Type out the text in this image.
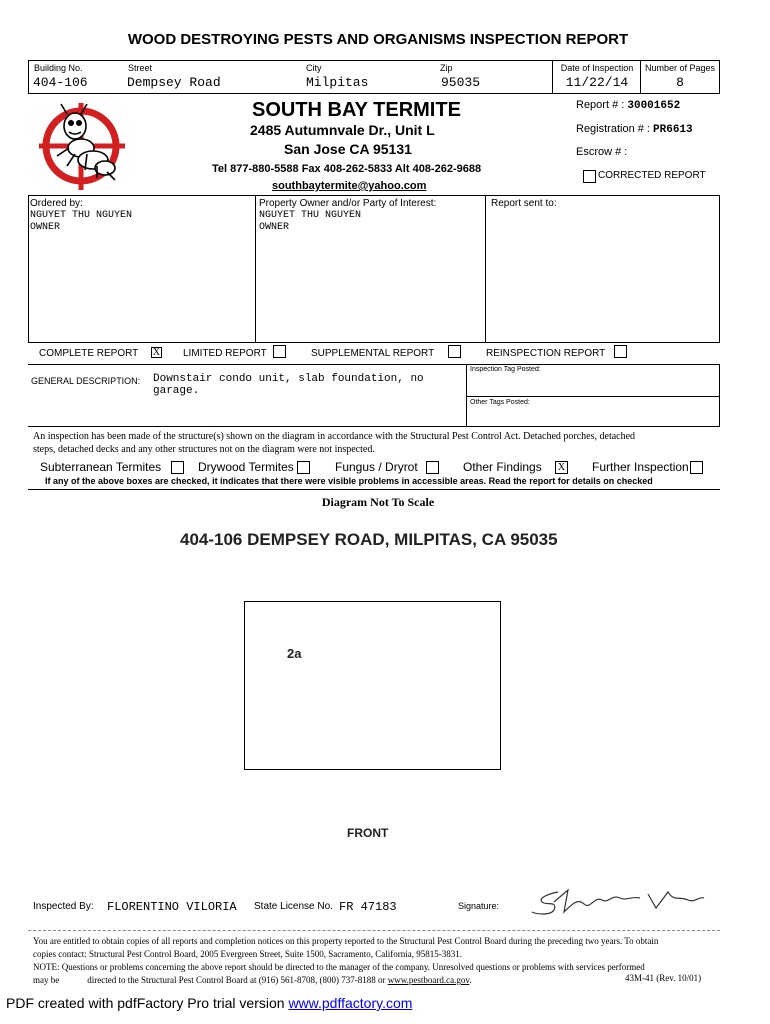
WOOD DESTROYING PESTS AND ORGANISMS INSPECTION REPORT
Building No.
404-106
Street
Dempsey Road
City
Milpitas
Zip
95035
Date of Inspection
11/22/14
Number of Pages
8
SOUTH BAY TERMITE
2485 Autumnvale Dr., Unit L
San Jose CA 95131
Tel 877-880-5588 Fax 408-262-5833 Alt 408-262-9688
southbaytermite@yahoo.com
Report # : 30001652
Registration # : PR6613
Escrow # :
CORRECTED REPORT
Ordered by:
NGUYET THU NGUYEN
OWNER
Property Owner and/or Party of Interest:
NGUYET THU NGUYEN
OWNER
Report sent to:
COMPLETE REPORT X LIMITED REPORT	SUPPLEMENTAL REPORT	REINSPECTION REPORT
GENERAL DESCRIPTION: Downstair condo unit, slab foundation, no
garage.
Inspection Tag Posted:
Other Tags Posted:
An inspection has been made of the structure(s) shown on the diagram in accordance with the Structural Pest Control Act. Detached porches, detached
steps, detached decks and any other structures not on the diagram were not inspected.
Subterranean Termites	Drywood Termites	Fungus / Dryrot	Other Findings X Further Inspection
If any of the above boxes are checked, it indicates that there were visible problems in accessible areas. Read the report for details on checked
Diagram Not To Scale
404-106 DEMPSEY ROAD, MILPITAS, CA 95035
2a
FRONT
Inspected By: FLORENTINO VILORIA State License No. FR 47183	Signature:
You are entitled to obtain copies of all reports and completion notices on this property reported to the Structural Pest Control Board during the preceding two years. To obtain
copies contact: Structural Pest Control Board, 2005 Evergreen Street, Suite 1500, Sacramento, California, 95815-3831.
NOTE: Questions or problems concerning the above report should be directed to the manager of the company. Unresolved questions or problems with services performed
may be	directed to the Structural Pest Control Board at (916) 561-8708, (800) 737-8188 or www.pestboard.ca.gov.	43M-41 (Rev. 10/01)
PDF created with pdfFactory Pro trial version www.pdffactory.com
